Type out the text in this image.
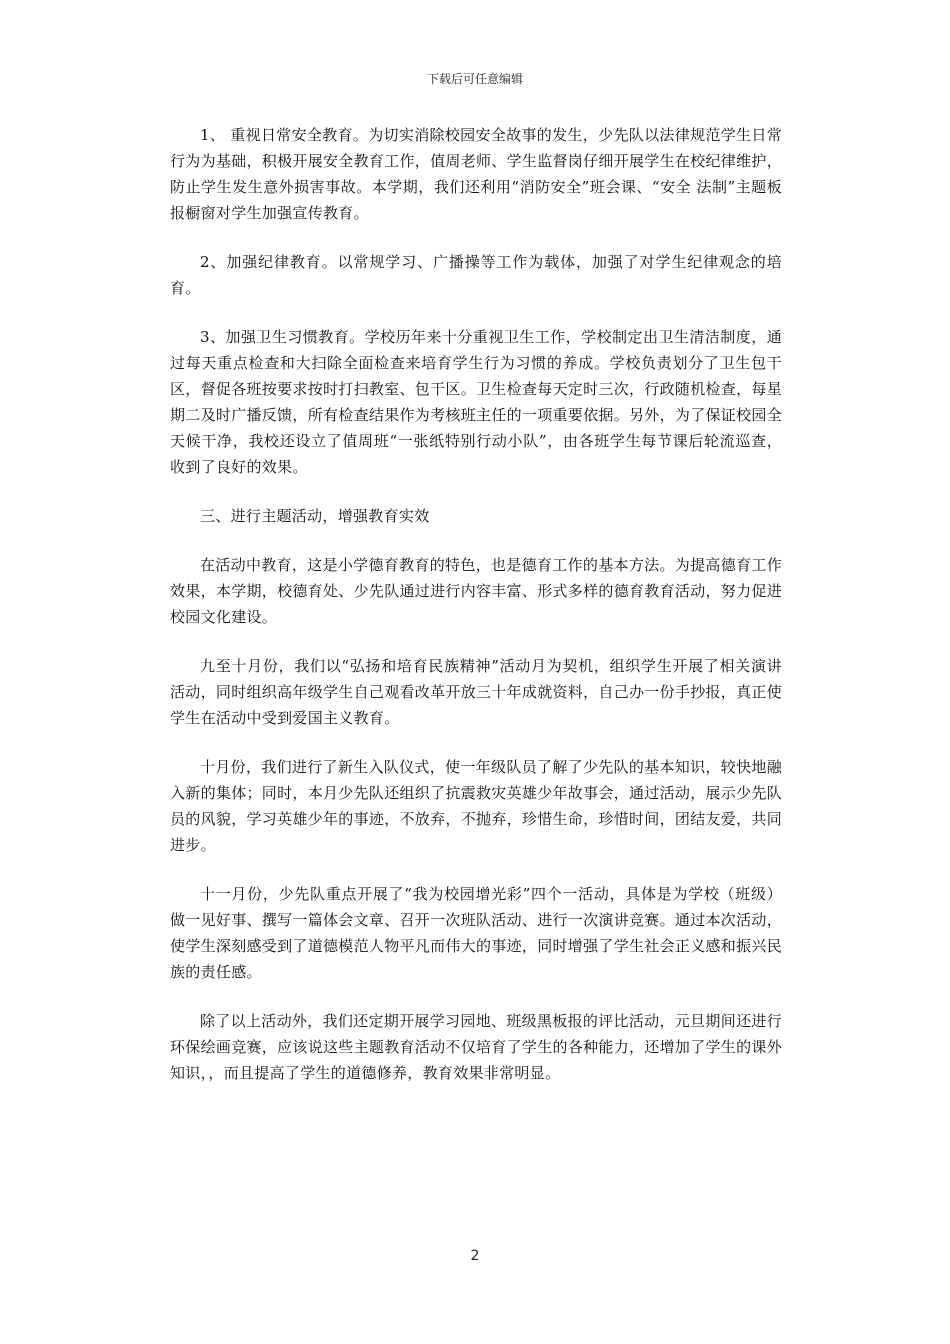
下载后可任意编辑

1、 重视日常安全教育。为切实消除校园安全故事的发生，少先队以法律规范学生日常行为为基础，积极开展安全教育工作，值周老师、学生监督岗仔细开展学生在校纪律维护，防止学生发生意外损害事故。本学期，我们还利用“消防安全”班会课、“安全 法制”主题板报橱窗对学生加强宣传教育。

2、加强纪律教育。以常规学习、广播操等工作为载体，加强了对学生纪律观念的培育。

3、加强卫生习惯教育。学校历年来十分重视卫生工作，学校制定出卫生清洁制度，通过每天重点检查和大扫除全面检查来培育学生行为习惯的养成。学校负责划分了卫生包干区，督促各班按要求按时打扫教室、包干区。卫生检查每天定时三次，行政随机检查，每星期二及时广播反馈，所有检查结果作为考核班主任的一项重要依据。另外，为了保证校园全天候干净，我校还设立了值周班“一张纸特别行动小队”，由各班学生每节课后轮流巡查，收到了良好的效果。

三、进行主题活动，增强教育实效

在活动中教育，这是小学德育教育的特色，也是德育工作的基本方法。为提高德育工作效果，本学期，校德育处、少先队通过进行内容丰富、形式多样的德育教育活动，努力促进校园文化建设。

九至十月份，我们以“弘扬和培育民族精神”活动月为契机，组织学生开展了相关演讲活动，同时组织高年级学生自己观看改革开放三十年成就资料，自己办一份手抄报，真正使学生在活动中受到爱国主义教育。

十月份，我们进行了新生入队仪式，使一年级队员了解了少先队的基本知识，较快地融入新的集体；同时，本月少先队还组织了抗震救灾英雄少年故事会，通过活动，展示少先队员的风貌，学习英雄少年的事迹，不放弃，不抛弃，珍惜生命，珍惜时间，团结友爱，共同进步。

十一月份，少先队重点开展了“我为校园增光彩”四个一活动，具体是为学校（班级）做一见好事、撰写一篇体会文章、召开一次班队活动、进行一次演讲竞赛。通过本次活动，使学生深刻感受到了道德模范人物平凡而伟大的事迹，同时增强了学生社会正义感和振兴民族的责任感。

除了以上活动外，我们还定期开展学习园地、班级黑板报的评比活动，元旦期间还进行环保绘画竞赛，应该说这些主题教育活动不仅培育了学生的各种能力，还增加了学生的课外知识，，而且提高了学生的道德修养，教育效果非常明显。

2
